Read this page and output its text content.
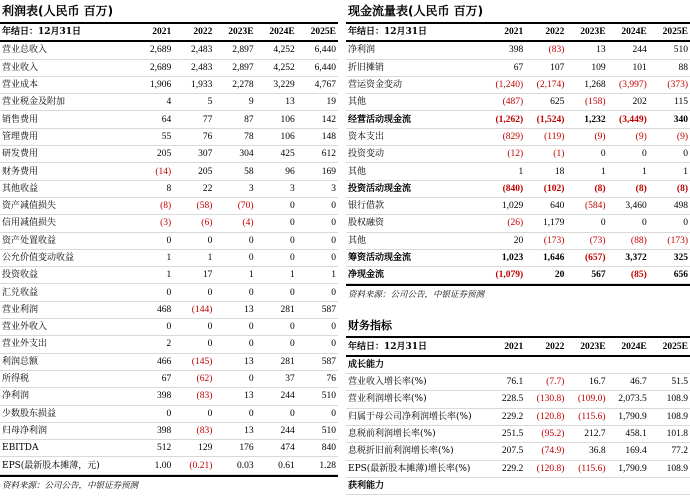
利润表(人民币 百万)
年结日：12月31日	2021	2022	2023E	2024E	2025E
营业总收入	2,689	2,483	2,897	4,252	6,440
营业收入	2,689	2,483	2,897	4,252	6,440
营业成本	1,906	1,933	2,278	3,229	4,767
营业税金及附加	4	5	9	13	19
销售费用	64	77	87	106	142
管理费用	55	76	78	106	148
研发费用	205	307	304	425	612
财务费用	(14)	205	58	96	169
其他收益	8	22	3	3	3
资产减值损失	(8)	(58)	(70)	0	0
信用减值损失	(3)	(6)	(4)	0	0
资产处置收益	0	0	0	0	0
公允价值变动收益	1	1	0	0	0
投资收益	1	17	1	1	1
汇兑收益	0	0	0	0	0
营业利润	468	(144)	13	281	587
营业外收入	0	0	0	0	0
营业外支出	2	0	0	0	0
利润总额	466	(145)	13	281	587
所得税	67	(62)	0	37	76
净利润	398	(83)	13	244	510
少数股东损益	0	0	0	0	0
归母净利润	398	(83)	13	244	510
EBITDA	512	129	176	474	840
EPS(最新股本摊薄，元)	1.00	(0.21)	0.03	0.61	1.28
资料来源：公司公告，中银证券预测
现金流量表(人民币 百万)
年结日：12月31日	2021	2022	2023E	2024E	2025E
净利润	398	(83)	13	244	510
折旧摊销	67	107	109	101	88
营运资金变动	(1,240)	(2,174)	1,268	(3,997)	(373)
其他	(487)	625	(158)	202	115
经营活动现金流	(1,262)	(1,524)	1,232	(3,449)	340
资本支出	(829)	(119)	(9)	(9)	(9)
投资变动	(12)	(1)	0	0	0
其他	1	18	1	1	1
投资活动现金流	(840)	(102)	(8)	(8)	(8)
银行借款	1,029	640	(584)	3,460	498
股权融资	(26)	1,179	0	0	0
其他	20	(173)	(73)	(88)	(173)
筹资活动现金流	1,023	1,646	(657)	3,372	325
净现金流	(1,079)	20	567	(85)	656
资料来源：公司公告，中银证券预测
财务指标
年结日：12月31日	2021	2022	2023E	2024E	2025E
成长能力					
营业收入增长率(%)	76.1	(7.7)	16.7	46.7	51.5
营业利润增长率(%)	228.5	(130.8)	(109.0)	2,073.5	108.9
归属于母公司净利润增长率(%)	229.2	(120.8)	(115.6)	1,790.9	108.9
息税前利润增长率(%)	251.5	(95.2)	212.7	458.1	101.8
息税折旧前利润增长率(%)	207.5	(74.9)	36.8	169.4	77.2
EPS(最新股本摊薄)增长率(%)	229.2	(120.8)	(115.6)	1,790.9	108.9
获利能力					
